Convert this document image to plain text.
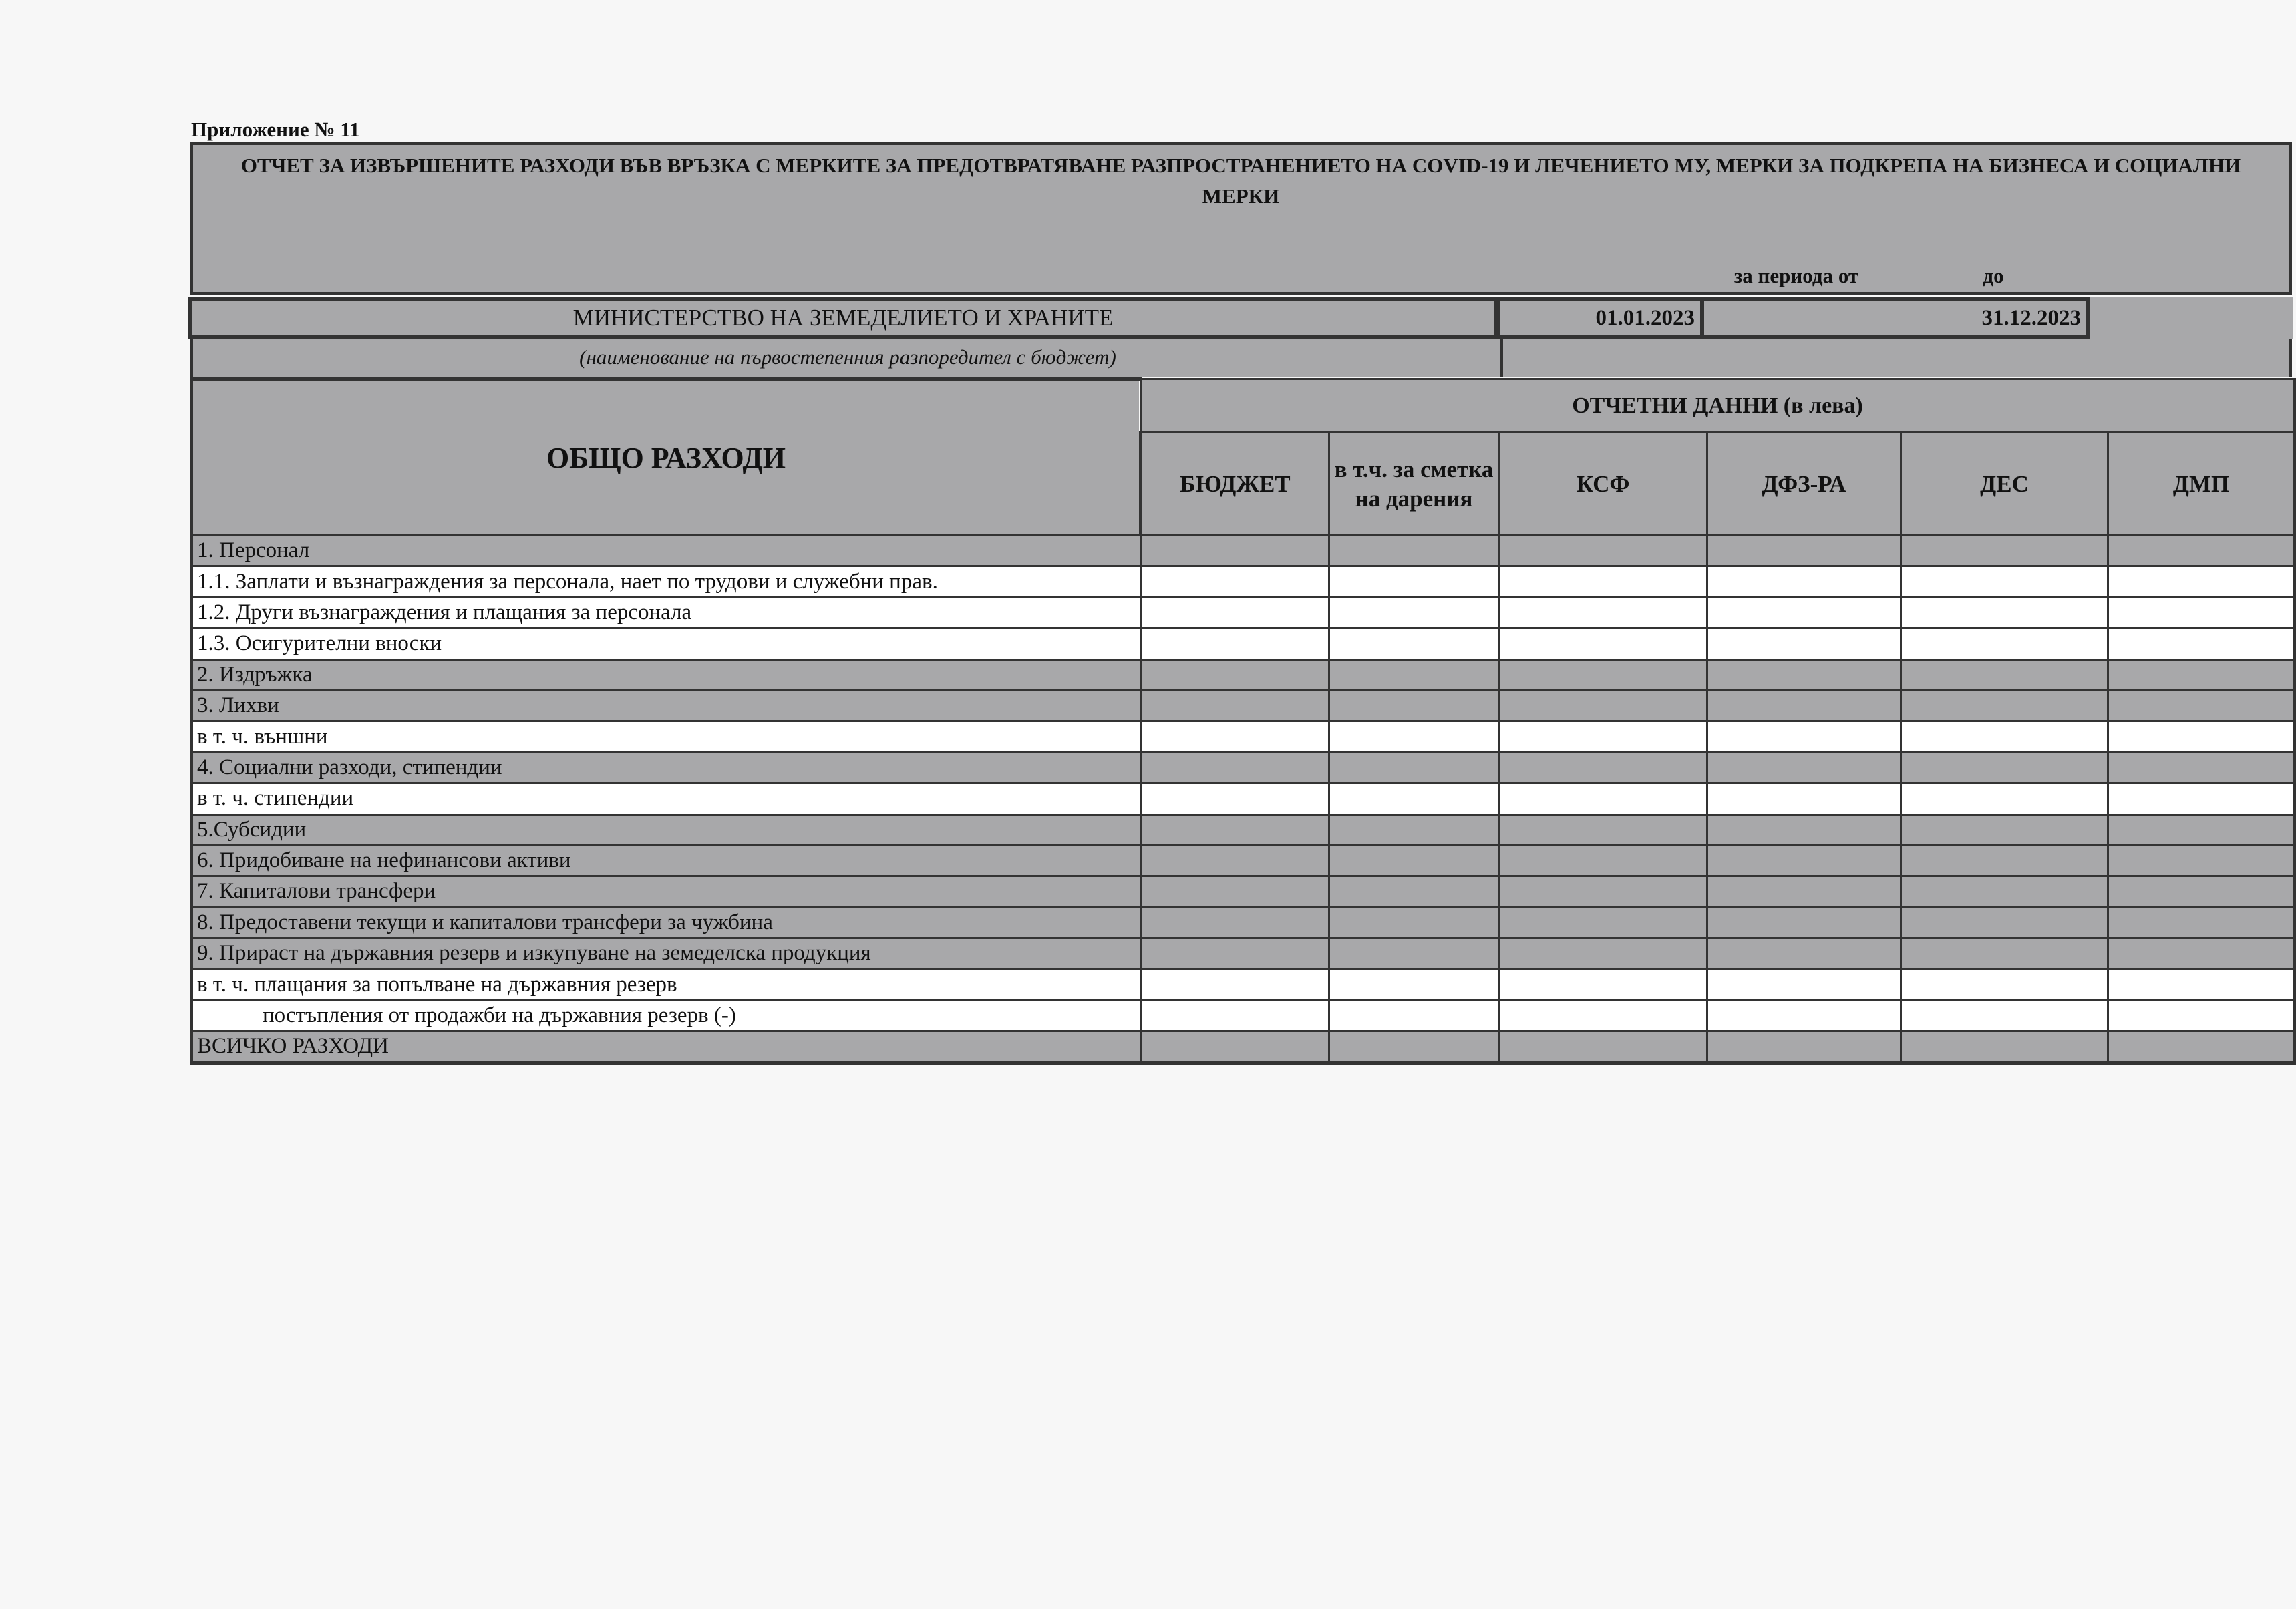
Приложение № 11
ОТЧЕТ ЗА ИЗВЪРШЕНИТЕ РАЗХОДИ ВЪВ ВРЪЗКА С МЕРКИТЕ ЗА ПРЕДОТВРАТЯВАНЕ РАЗПРОСТРАНЕНИЕТО НА COVID-19 И ЛЕЧЕНИЕТО МУ, МЕРКИ ЗА ПОДКРЕПА НА БИЗНЕСА И СОЦИАЛНИ МЕРКИ
за периода от	до
МИНИСТЕРСТВО НА ЗЕМЕДЕЛИЕТО И ХРАНИТЕ	01.01.2023	31.12.2023
(наименование на първостепенния разпоредител с бюджет)
ОБЩО РАЗХОДИ	ОТЧЕТНИ ДАННИ (в лева)					
	БЮДЖЕТ	в т.ч. за сметка на дарения	КСФ	ДФЗ-РА	ДЕС	ДМП
1. Персонал						
1.1. Заплати и възнаграждения за персонала, нает по трудови и служебни прав.						
1.2. Други възнаграждения и плащания за персонала						
1.3. Осигурителни вноски						
2. Издръжка						
3. Лихви						
в т. ч. външни						
4. Социални разходи, стипендии						
в т. ч. стипендии						
5.Субсидии						
6. Придобиване на нефинансови активи						
7. Капиталови трансфери						
8. Предоставени текущи и капиталови трансфери за чужбина						
9. Прираст на държавния резерв и изкупуване на земеделска продукция						
в т. ч. плащания за попълване на държавния резерв						
постъпления от продажби на държавния резерв (-)						
ВСИЧКО РАЗХОДИ						
